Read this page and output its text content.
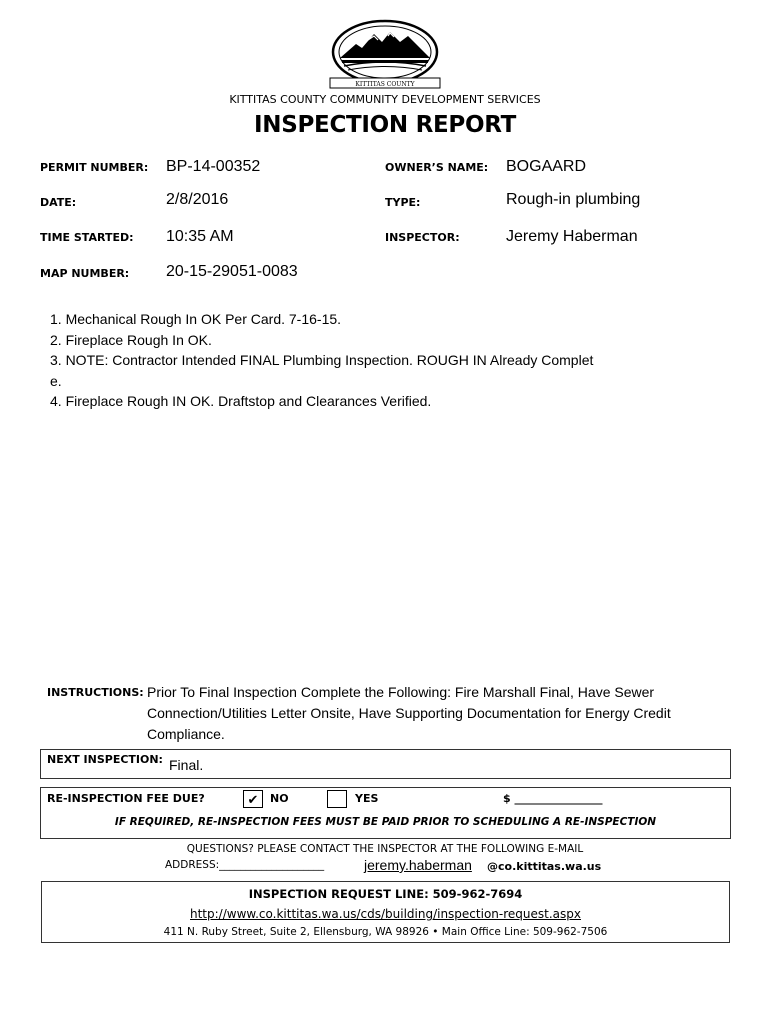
KITTITAS COUNTY
KITTITAS COUNTY COMMUNITY DEVELOPMENT SERVICES
INSPECTION REPORT
PERMIT NUMBER: BP-14-00352	OWNER’S NAME: BOGAARD
DATE:	2/8/2016	TYPE:	Rough-in plumbing
TIME STARTED: 10:35 AM	INSPECTOR:	Jeremy Haberman
MAP NUMBER: 20-15-29051-0083
1. Mechanical Rough In OK Per Card. 7-16-15.
2. Fireplace Rough In OK.
3. NOTE: Contractor Intended FINAL Plumbing Inspection. ROUGH IN Already Complet
e.
4. Fireplace Rough IN OK. Draftstop and Clearances Verified.
INSTRUCTIONS: Prior To Final Inspection Complete the Following: Fire Marshall Final, Have Sewer Connection/Utilities Letter Onsite, Have Supporting Documentation for Energy Credit Compliance.
NEXT INSPECTION: Final.
RE-INSPECTION FEE DUE?	✔	NO	YES	$ ________________
IF REQUIRED, RE-INSPECTION FEES MUST BE PAID PRIOR TO SCHEDULING A RE-INSPECTION
QUESTIONS? PLEASE CONTACT THE INSPECTOR AT THE FOLLOWING E-MAIL
ADDRESS:____________________	jeremy.haberman @co.kittitas.wa.us
INSPECTION REQUEST LINE: 509-962-7694
http://www.co.kittitas.wa.us/cds/building/inspection-request.aspx
411 N. Ruby Street, Suite 2, Ellensburg, WA 98926 • Main Office Line: 509-962-7506
